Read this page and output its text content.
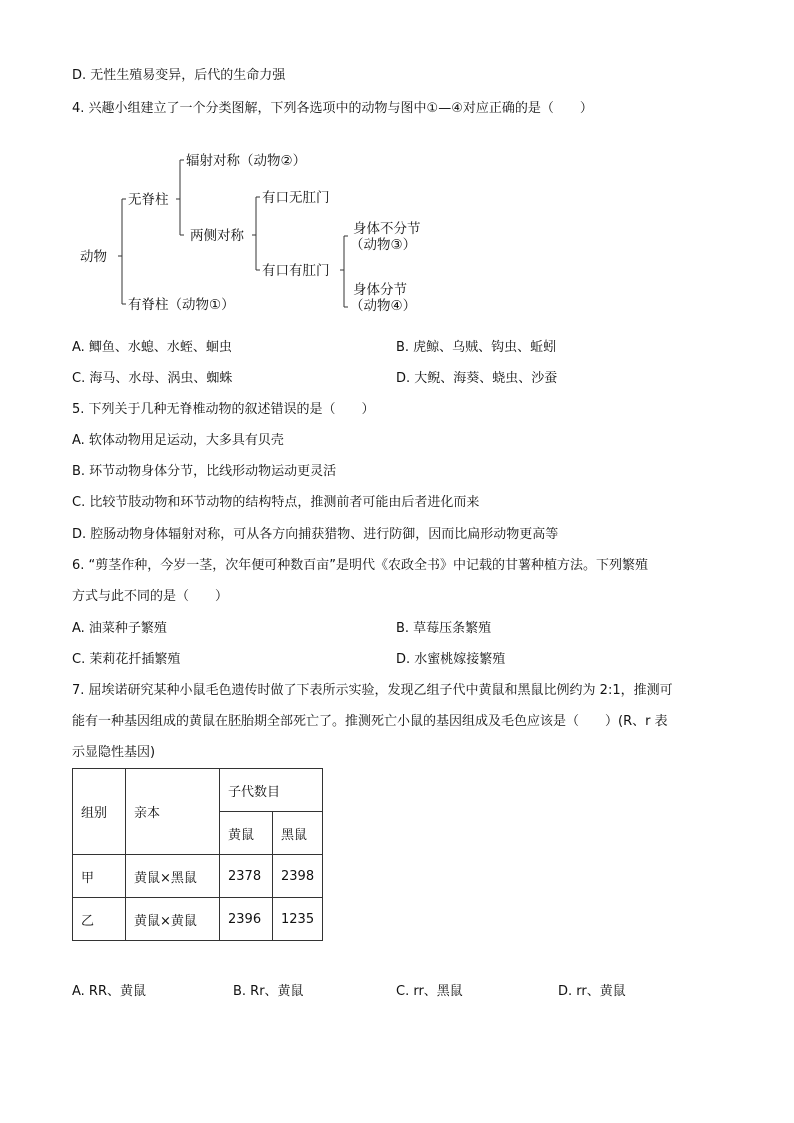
D. 无性生殖易变异，后代的生命力强
4. 兴趣小组建立了一个分类图解，下列各选项中的动物与图中①—④对应正确的是（　　）
动物
无脊柱
有脊柱（动物①）
辐射对称（动物②）
两侧对称
有口无肛门
有口有肛门
身体不分节
（动物③）
身体分节
（动物④）
A. 鲫鱼、水螅、水蛭、蛔虫	B. 虎鲸、乌贼、钩虫、蚯蚓
C. 海马、水母、涡虫、蜘蛛	D. 大鲵、海葵、蛲虫、沙蚕
5. 下列关于几种无脊椎动物的叙述错误的是（　　）
A. 软体动物用足运动，大多具有贝壳
B. 环节动物身体分节，比线形动物运动更灵活
C. 比较节肢动物和环节动物的结构特点，推测前者可能由后者进化而来
D. 腔肠动物身体辐射对称，可从各方向捕获猎物、进行防御，因而比扁形动物更高等
6. “剪茎作种，今岁一茎，次年便可种数百亩”是明代《农政全书》中记载的甘薯种植方法。下列繁殖
方式与此不同的是（　　）
A. 油菜种子繁殖	B. 草莓压条繁殖
C. 茉莉花扦插繁殖	D. 水蜜桃嫁接繁殖
7. 屈埃诺研究某种小鼠毛色遗传时做了下表所示实验，发现乙组子代中黄鼠和黑鼠比例约为 2:1，推测可
能有一种基因组成的黄鼠在胚胎期全部死亡了。推测死亡小鼠的基因组成及毛色应该是（　　）(R、r 表
示显隐性基因)
组别	亲本	子代数目	
		黄鼠	黑鼠
甲	黄鼠×黑鼠	2378	2398
乙	黄鼠×黄鼠	2396	1235
A. RR、黄鼠	B. Rr、黄鼠	C. rr、黑鼠	D. rr、黄鼠
